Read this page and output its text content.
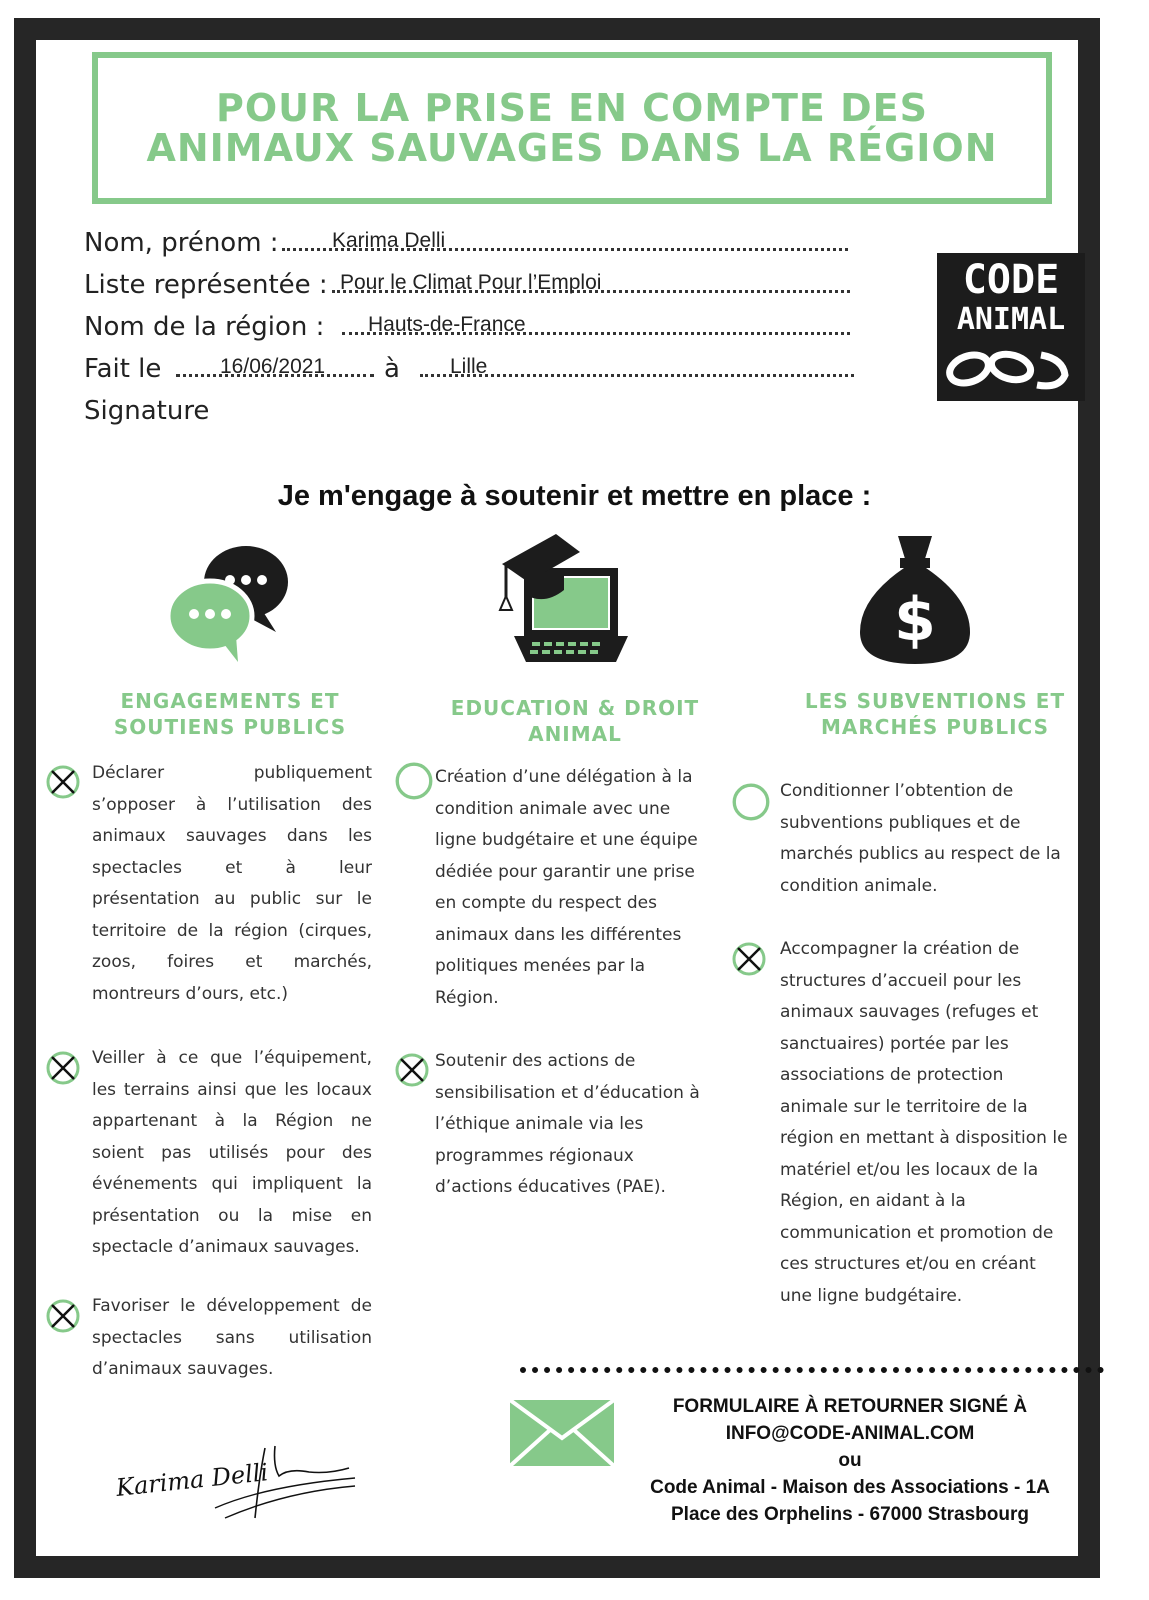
POUR LA PRISE EN COMPTE DES
ANIMAUX SAUVAGES DANS LA RÉGION
Nom, prénom :	Karima Delli
Liste représentée : Pour le Climat Pour l’Emploi
Nom de la région : Hauts-de-France
Fait le	16/06/2021 à Lille
Signature
CODE
ANIMAL
Je m'engage à soutenir et mettre en place :
$
ENGAGEMENTS ET
SOUTIENS PUBLICS
EDUCATION & DROIT
ANIMAL
LES SUBVENTIONS ET
MARCHÉS PUBLICS
Déclarer publiquement
s’opposer à l’utilisation des
animaux sauvages dans les
spectacles et à leur
présentation au public sur le
territoire de la région (cirques,
zoos, foires et marchés,
montreurs d’ours, etc.)
Veiller à ce que l’équipement,
les terrains ainsi que les locaux
appartenant à la Région ne
soient pas utilisés pour des
événements qui impliquent la
présentation ou la mise en
spectacle d’animaux sauvages.
Favoriser le développement de
spectacles sans utilisation
d’animaux sauvages.
Création d’une délégation à la
condition animale avec une
ligne budgétaire et une équipe
dédiée pour garantir une prise
en compte du respect des
animaux dans les différentes
politiques menées par la
Région.
Soutenir des actions de
sensibilisation et d’éducation à
l’éthique animale via les
programmes régionaux
d’actions éducatives (PAE).
Conditionner l’obtention de
subventions publiques et de
marchés publics au respect de la
condition animale.
Accompagner la création de
structures d’accueil pour les
animaux sauvages (refuges et
sanctuaires) portée par les
associations de protection
animale sur le territoire de la
région en mettant à disposition le
matériel et/ou les locaux de la
Région, en aidant à la
communication et promotion de
ces structures et/ou en créant
une ligne budgétaire.
FORMULAIRE À RETOURNER SIGNÉ À
INFO@CODE-ANIMAL.COM
ou
Code Animal - Maison des Associations - 1A
Place des Orphelins - 67000 Strasbourg
Karima Delli
